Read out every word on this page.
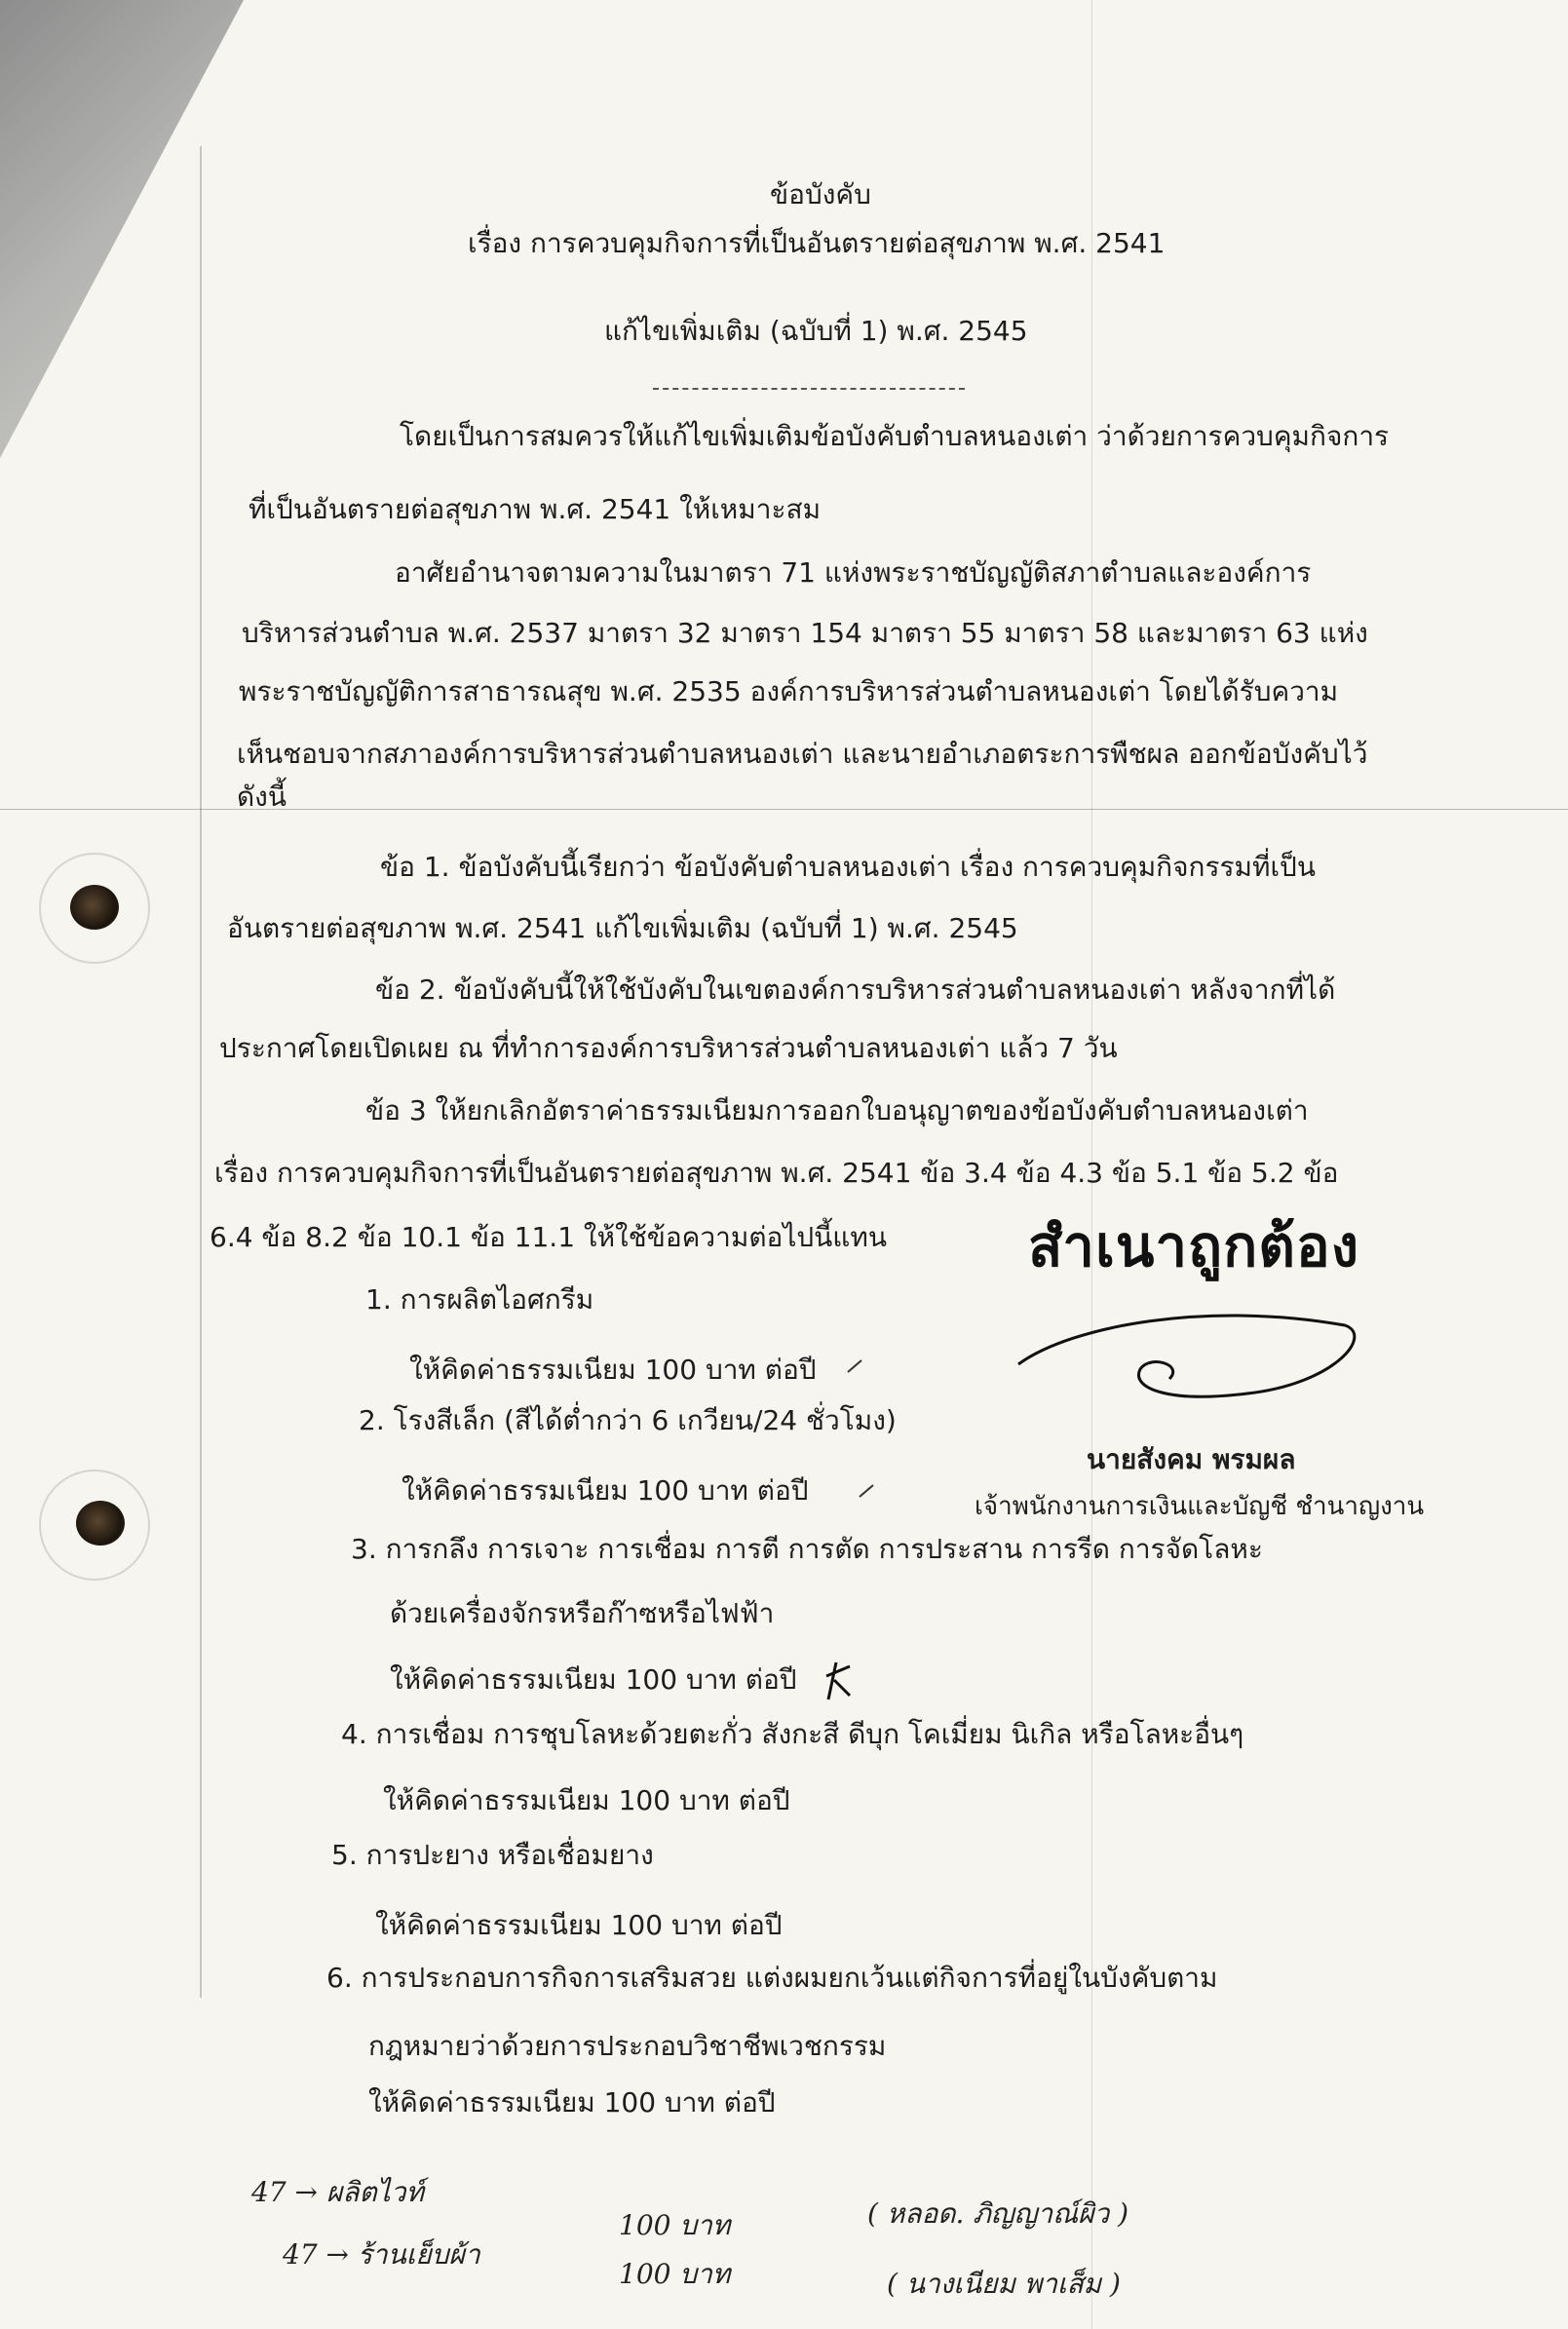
ข้อบังคับ
เรื่อง การควบคุมกิจการที่เป็นอันตรายต่อสุขภาพ พ.ศ. 2541
แก้ไขเพิ่มเติม (ฉบับที่ 1) พ.ศ. 2545
โดยเป็นการสมควรให้แก้ไขเพิ่มเติมข้อบังคับตำบลหนองเต่า ว่าด้วยการควบคุมกิจการ
ที่เป็นอันตรายต่อสุขภาพ พ.ศ. 2541 ให้เหมาะสม
อาศัยอำนาจตามความในมาตรา 71 แห่งพระราชบัญญัติสภาตำบลและองค์การ
บริหารส่วนตำบล พ.ศ. 2537 มาตรา 32 มาตรา 154 มาตรา 55 มาตรา 58 และมาตรา 63 แห่ง
พระราชบัญญัติการสาธารณสุข พ.ศ. 2535 องค์การบริหารส่วนตำบลหนองเต่า โดยได้รับความ
เห็นชอบจากสภาองค์การบริหารส่วนตำบลหนองเต่า และนายอำเภอตระการพืชผล ออกข้อบังคับไว้
ดังนี้
ข้อ 1. ข้อบังคับนี้เรียกว่า ข้อบังคับตำบลหนองเต่า เรื่อง การควบคุมกิจกรรมที่เป็น
อันตรายต่อสุขภาพ พ.ศ. 2541 แก้ไขเพิ่มเติม (ฉบับที่ 1) พ.ศ. 2545
ข้อ 2. ข้อบังคับนี้ให้ใช้บังคับในเขตองค์การบริหารส่วนตำบลหนองเต่า หลังจากที่ได้
ประกาศโดยเปิดเผย ณ ที่ทำการองค์การบริหารส่วนตำบลหนองเต่า แล้ว 7 วัน
ข้อ 3 ให้ยกเลิกอัตราค่าธรรมเนียมการออกใบอนุญาตของข้อบังคับตำบลหนองเต่า
เรื่อง การควบคุมกิจการที่เป็นอันตรายต่อสุขภาพ พ.ศ. 2541 ข้อ 3.4 ข้อ 4.3 ข้อ 5.1 ข้อ 5.2 ข้อ
6.4 ข้อ 8.2 ข้อ 10.1 ข้อ 11.1 ให้ใช้ข้อความต่อไปนี้แทน
1. การผลิตไอศกรีม
ให้คิดค่าธรรมเนียม 100 บาท ต่อปี
2. โรงสีเล็ก (สีได้ต่ำกว่า 6 เกวียน/24 ชั่วโมง)
ให้คิดค่าธรรมเนียม 100 บาท ต่อปี
3. การกลึง การเจาะ การเชื่อม การตี การตัด การประสาน การรีด การจัดโลหะ
ด้วยเครื่องจักรหรือก๊าซหรือไฟฟ้า
ให้คิดค่าธรรมเนียม 100 บาท ต่อปี
4. การเชื่อม การชุบโลหะด้วยตะกั่ว สังกะสี ดีบุก โคเมี่ยม นิเกิล หรือโลหะอื่นๆ
ให้คิดค่าธรรมเนียม 100 บาท ต่อปี
5. การปะยาง หรือเชื่อมยาง
ให้คิดค่าธรรมเนียม 100 บาท ต่อปี
6. การประกอบการกิจการเสริมสวย แต่งผมยกเว้นแต่กิจการที่อยู่ในบังคับตาม
กฎหมายว่าด้วยการประกอบวิชาชีพเวชกรรม
ให้คิดค่าธรรมเนียม 100 บาท ต่อปี
สำเนาถูกต้อง
นายสังคม พรมผล
เจ้าพนักงานการเงินและบัญชี ชำนาญงาน
47 → ผลิตไวท์
47 → ร้านเย็บผ้า
100 บาท
100 บาท
( หลอด. ภิญญาณ์ผิว )
( นางเนียม พาเส็ม )
